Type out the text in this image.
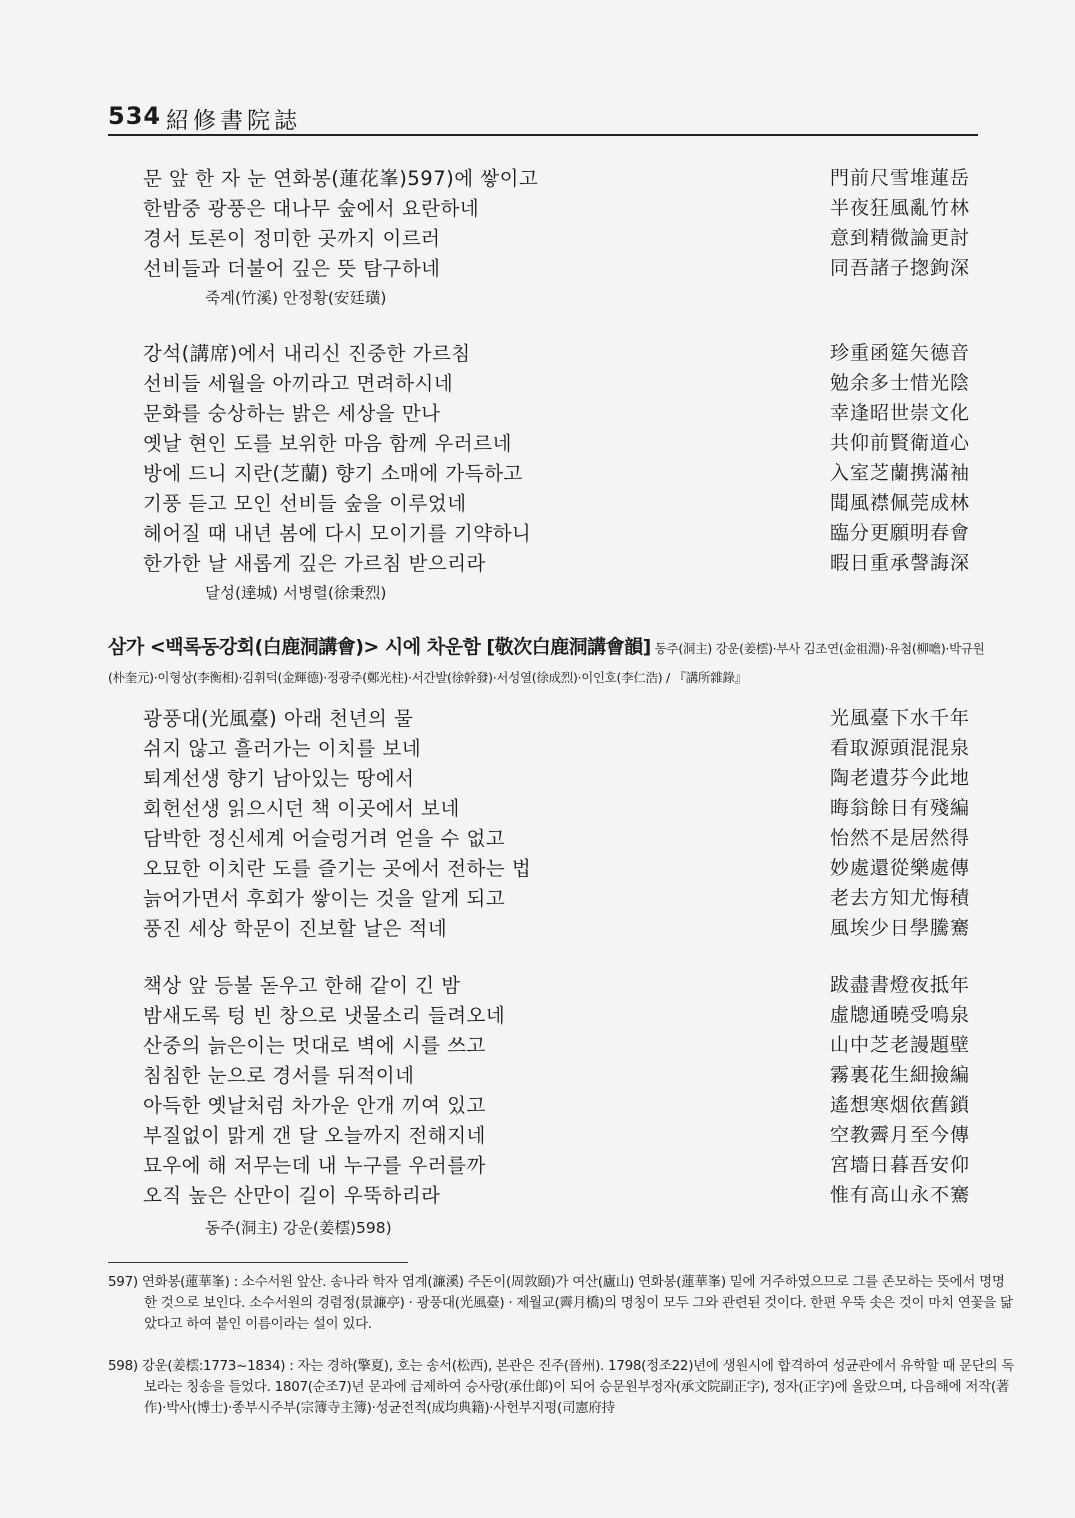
534 紹修書院誌
문 앞 한 자 눈 연화봉(蓮花峯)597)에 쌓이고	門前尺雪堆蓮岳
한밤중 광풍은 대나무 숲에서 요란하네	半夜狂風亂竹林
경서 토론이 정미한 곳까지 이르러	意到精微論更討
선비들과 더불어 깊은 뜻 탐구하네	同吾諸子揔鉤深
죽계(竹溪) 안정황(安廷璜)
강석(講席)에서 내리신 진중한 가르침	珍重函筵矢德音
선비들 세월을 아끼라고 면려하시네	勉余多士惜光陰
문화를 숭상하는 밝은 세상을 만나	幸逢昭世崇文化
옛날 현인 도를 보위한 마음 함께 우러르네	共仰前賢衛道心
방에 드니 지란(芝蘭) 향기 소매에 가득하고	入室芝蘭携滿袖
기풍 듣고 모인 선비들 숲을 이루었네	聞風襟佩莞成林
헤어질 때 내년 봄에 다시 모이기를 기약하니	臨分更願明春會
한가한 날 새롭게 깊은 가르침 받으리라	暇日重承謦誨深
달성(達城) 서병렬(徐秉烈)
삼가 <백록동강회(白鹿洞講會)> 시에 차운함 [敬次白鹿洞講會韻] 동주(洞主) 강운(姜橒)·부사 김조연(金祖淵)·유첨(柳噡)·박규원
(朴奎元)·이형상(李衡相)·김휘덕(金輝德)·정광주(鄭光柱)·서간발(徐幹發)·서성열(徐成烈)·이인호(李仁浩) / 『講所雜錄』
광풍대(光風臺) 아래 천년의 물	光風臺下水千年
쉬지 않고 흘러가는 이치를 보네	看取源頭混混泉
퇴계선생 향기 남아있는 땅에서	陶老遺芬今此地
회헌선생 읽으시던 책 이곳에서 보네	晦翁餘日有殘編
담박한 정신세계 어슬렁거려 얻을 수 없고	怡然不是居然得
오묘한 이치란 도를 즐기는 곳에서 전하는 법	妙處還從樂處傳
늙어가면서 후회가 쌓이는 것을 알게 되고	老去方知尤悔積
풍진 세상 학문이 진보할 날은 적네	風埃少日學騰騫
책상 앞 등불 돋우고 한해 같이 긴 밤	跋盡書燈夜抵年
밤새도록 텅 빈 창으로 냇물소리 들려오네	虛牕通曉受鳴泉
산중의 늙은이는 멋대로 벽에 시를 쓰고	山中芝老謾題壁
침침한 눈으로 경서를 뒤적이네	霧裏花生細撿編
아득한 옛날처럼 차가운 안개 끼여 있고	遙想寒烟依舊鎖
부질없이 맑게 갠 달 오늘까지 전해지네	空教霽月至今傳
묘우에 해 저무는데 내 누구를 우러를까	宮墻日暮吾安仰
오직 높은 산만이 길이 우뚝하리라	惟有高山永不騫
동주(洞主) 강운(姜橒)598)
597) 연화봉(蓮華峯) : 소수서원 앞산. 송나라 학자 염계(濂溪) 주돈이(周敦頤)가 여산(廬山) 연화봉(蓮華峯) 밑에 거주하였으므로 그를 존모하는 뜻에서 명명한 것으로 보인다. 소수서원의 경렴정(景濂亭) · 광풍대(光風臺) · 제월교(霽月橋)의 명칭이 모두 그와 관련된 것이다. 한편 우뚝 솟은 것이 마치 연꽃을 닮았다고 하여 붙인 이름이라는 설이 있다.
598) 강운(姜橒:1773~1834) : 자는 경하(擎夏), 호는 송서(松西), 본관은 진주(晉州). 1798(정조22)년에 생원시에 합격하여 성균관에서 유학할 때 문단의 독보라는 칭송을 들었다. 1807(순조7)년 문과에 급제하여 승사랑(承仕郞)이 되어 승문원부정자(承文院副正字), 정자(正字)에 올랐으며, 다음해에 저작(著作)·박사(博士)·종부시주부(宗簿寺主簿)·성균전적(成均典籍)·사헌부지평(司憲府持
